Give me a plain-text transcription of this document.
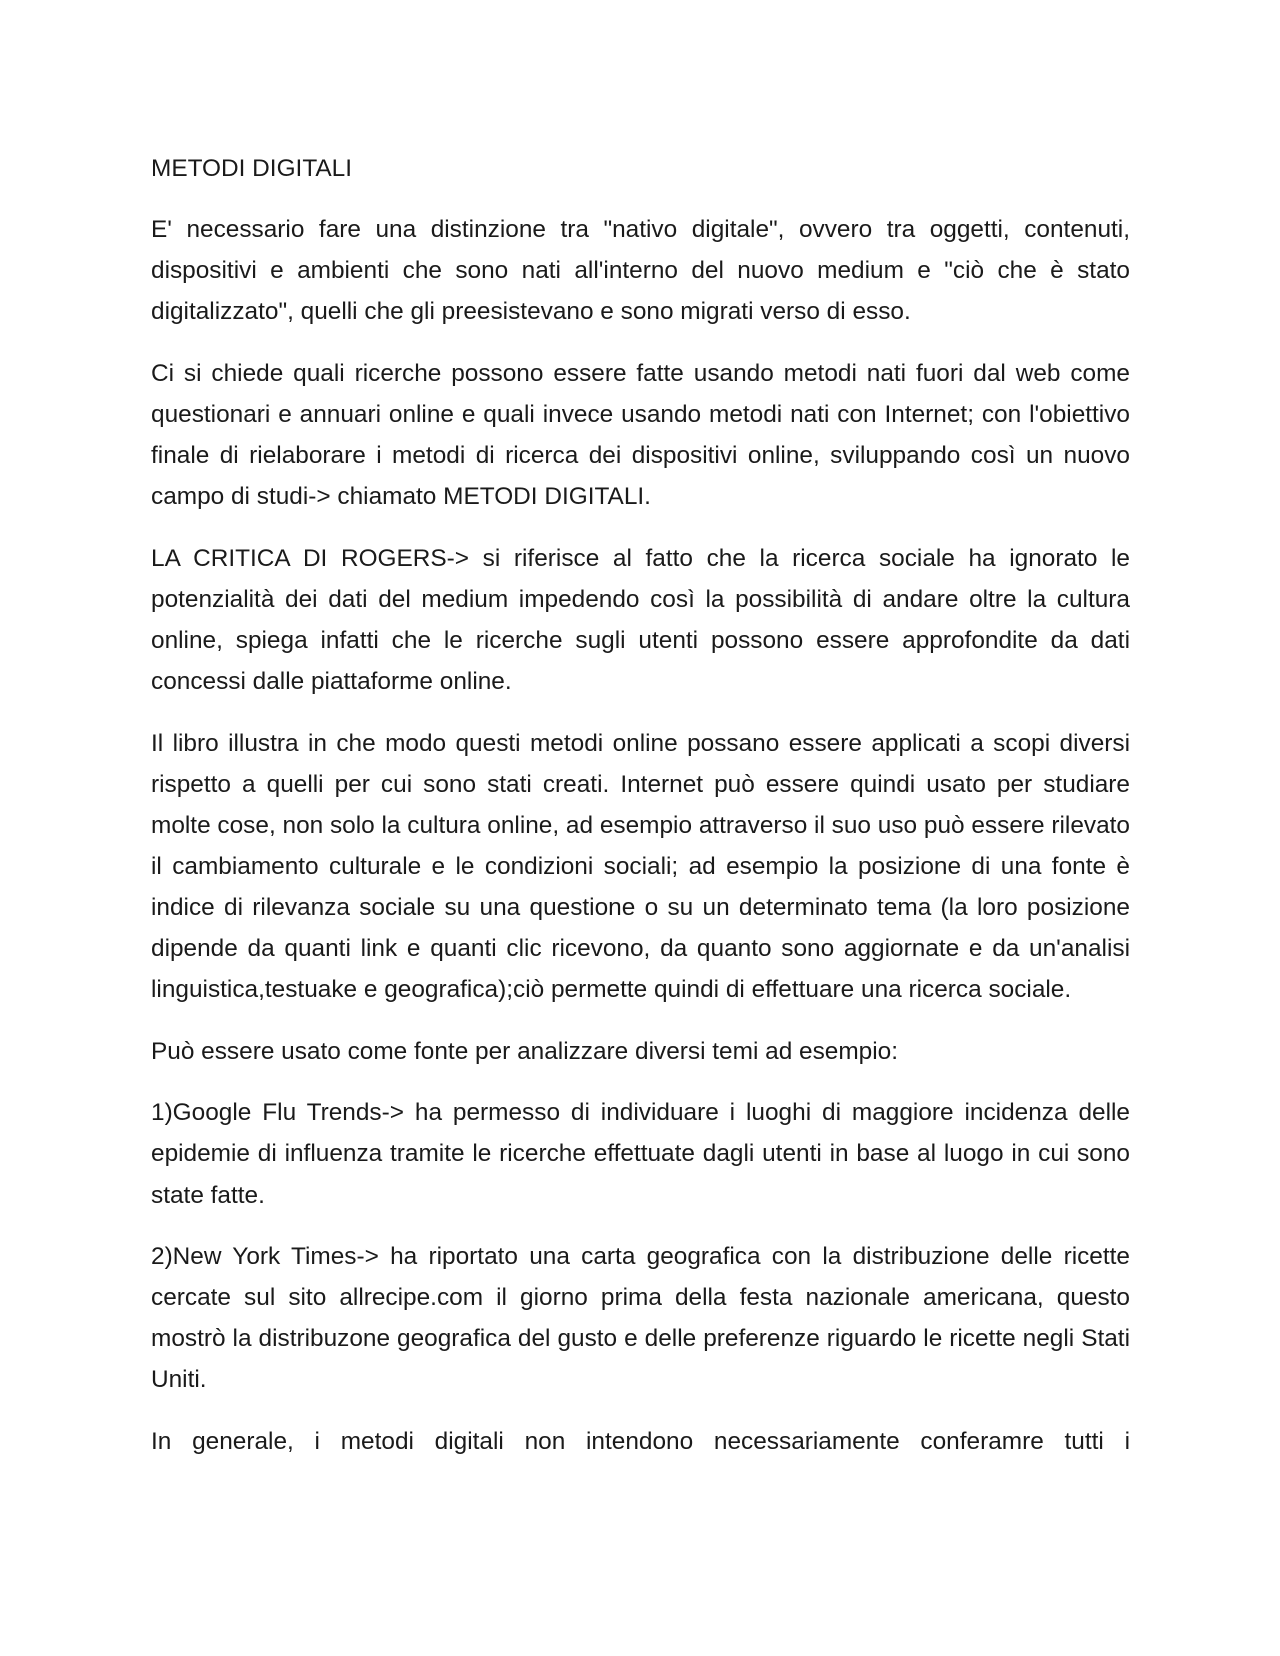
METODI DIGITALI

E' necessario fare una distinzione tra "nativo digitale", ovvero tra oggetti, contenuti, dispositivi e ambienti che sono nati all'interno del nuovo medium e "ciò che è stato digitalizzato", quelli che gli preesistevano e sono migrati verso di esso.

Ci si chiede quali ricerche possono essere fatte usando metodi nati fuori dal web come questionari e annuari online e quali invece usando metodi nati con Internet; con l'obiettivo finale di rielaborare i metodi di ricerca dei dispositivi online, sviluppando così un nuovo campo di studi-> chiamato METODI DIGITALI.

LA CRITICA DI ROGERS-> si riferisce al fatto che la ricerca sociale ha ignorato le potenzialità dei dati del medium impedendo così la possibilità di andare oltre la cultura online, spiega infatti che le ricerche sugli utenti possono essere approfondite da dati concessi dalle piattaforme online.

Il libro illustra in che modo questi metodi online possano essere applicati a scopi diversi rispetto a quelli per cui sono stati creati. Internet può essere quindi usato per studiare molte cose, non solo la cultura online, ad esempio attraverso il suo uso può essere rilevato il cambiamento culturale e le condizioni sociali; ad esempio la posizione di una fonte è indice di rilevanza sociale su una questione o su un determinato tema (la loro posizione dipende da quanti link e quanti clic ricevono, da quanto sono aggiornate e da un'analisi linguistica,testuake e geografica);ciò permette quindi di effettuare una ricerca sociale.

Può essere usato come fonte per analizzare diversi temi ad esempio:

1)Google Flu Trends-> ha permesso di individuare i luoghi di maggiore incidenza delle epidemie di influenza tramite le ricerche effettuate dagli utenti in base al luogo in cui sono state fatte.

2)New York Times-> ha riportato una carta geografica con la distribuzione delle ricette cercate sul sito allrecipe.com il giorno prima della festa nazionale americana, questo mostrò la distribuzone geografica del gusto e delle preferenze riguardo le ricette negli Stati Uniti.

In generale, i metodi digitali non intendono necessariamente conferamre tutti i
